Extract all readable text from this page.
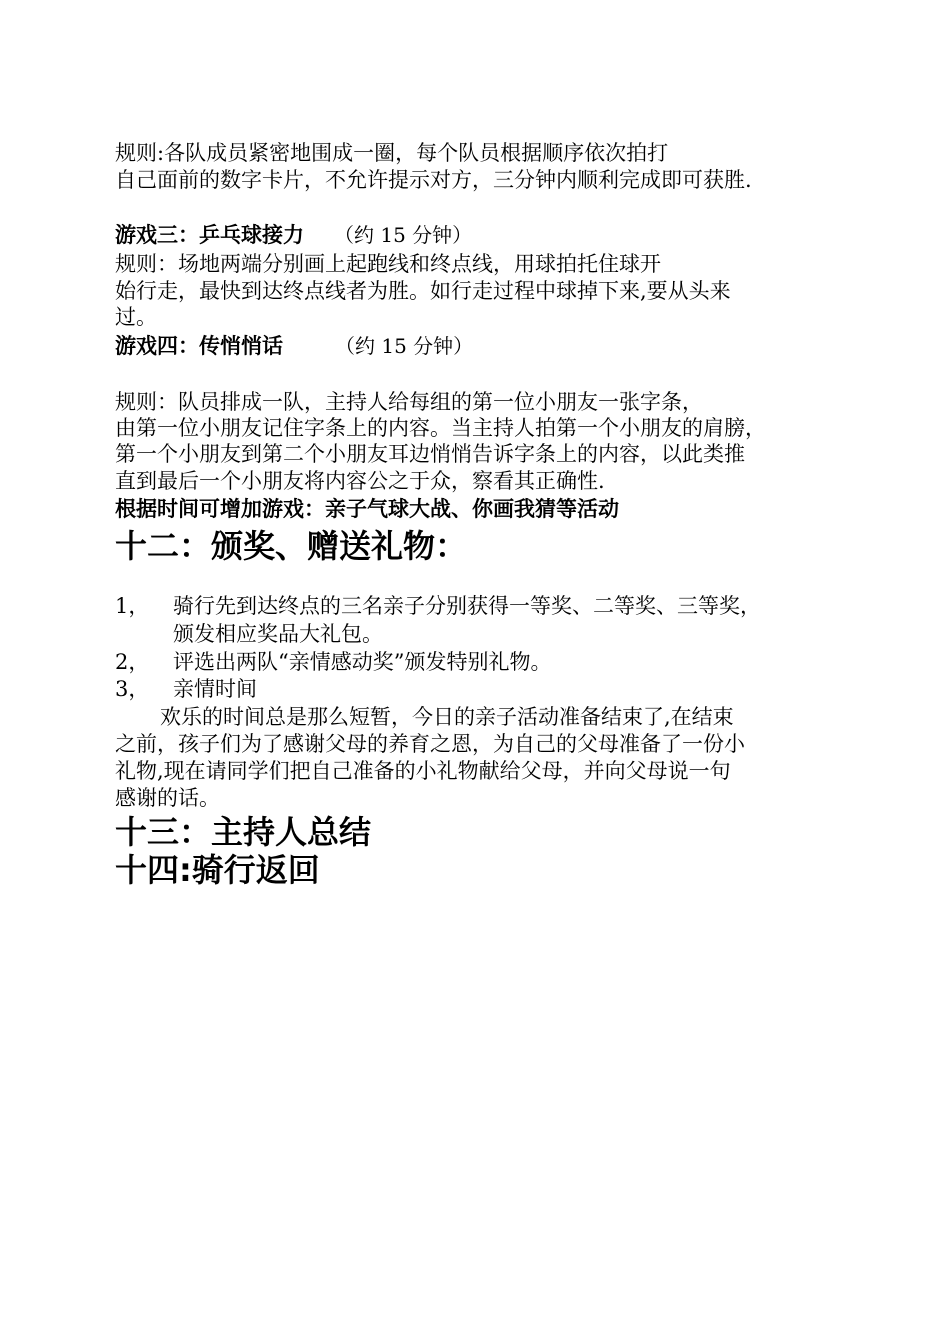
规则:各队成员紧密地围成一圈，每个队员根据顺序依次拍打
自己面前的数字卡片，不允许提示对方，三分钟内顺利完成即可获胜.
游戏三：乒乓球接力 （约 15 分钟）
规则：场地两端分别画上起跑线和终点线，用球拍托住球开
始行走，最快到达终点线者为胜。如行走过程中球掉下来,要从头来
过。
游戏四：传悄悄话	（约 15 分钟）
规则：队员排成一队，主持人给每组的第一位小朋友一张字条，
由第一位小朋友记住字条上的内容。当主持人拍第一个小朋友的肩膀，
第一个小朋友到第二个小朋友耳边悄悄告诉字条上的内容，以此类推
直到最后一个小朋友将内容公之于众，察看其正确性.
根据时间可增加游戏：亲子气球大战、你画我猜等活动
十二：颁奖、赠送礼物：
1， 骑行先到达终点的三名亲子分别获得一等奖、二等奖、三等奖，
颁发相应奖品大礼包。
2， 评选出两队“亲情感动奖”颁发特别礼物。
3， 亲情时间
欢乐的时间总是那么短暂，今日的亲子活动准备结束了,在结束
之前，孩子们为了感谢父母的养育之恩，为自己的父母准备了一份小
礼物,现在请同学们把自己准备的小礼物献给父母，并向父母说一句
感谢的话。
十三：主持人总结
十四:骑行返回
